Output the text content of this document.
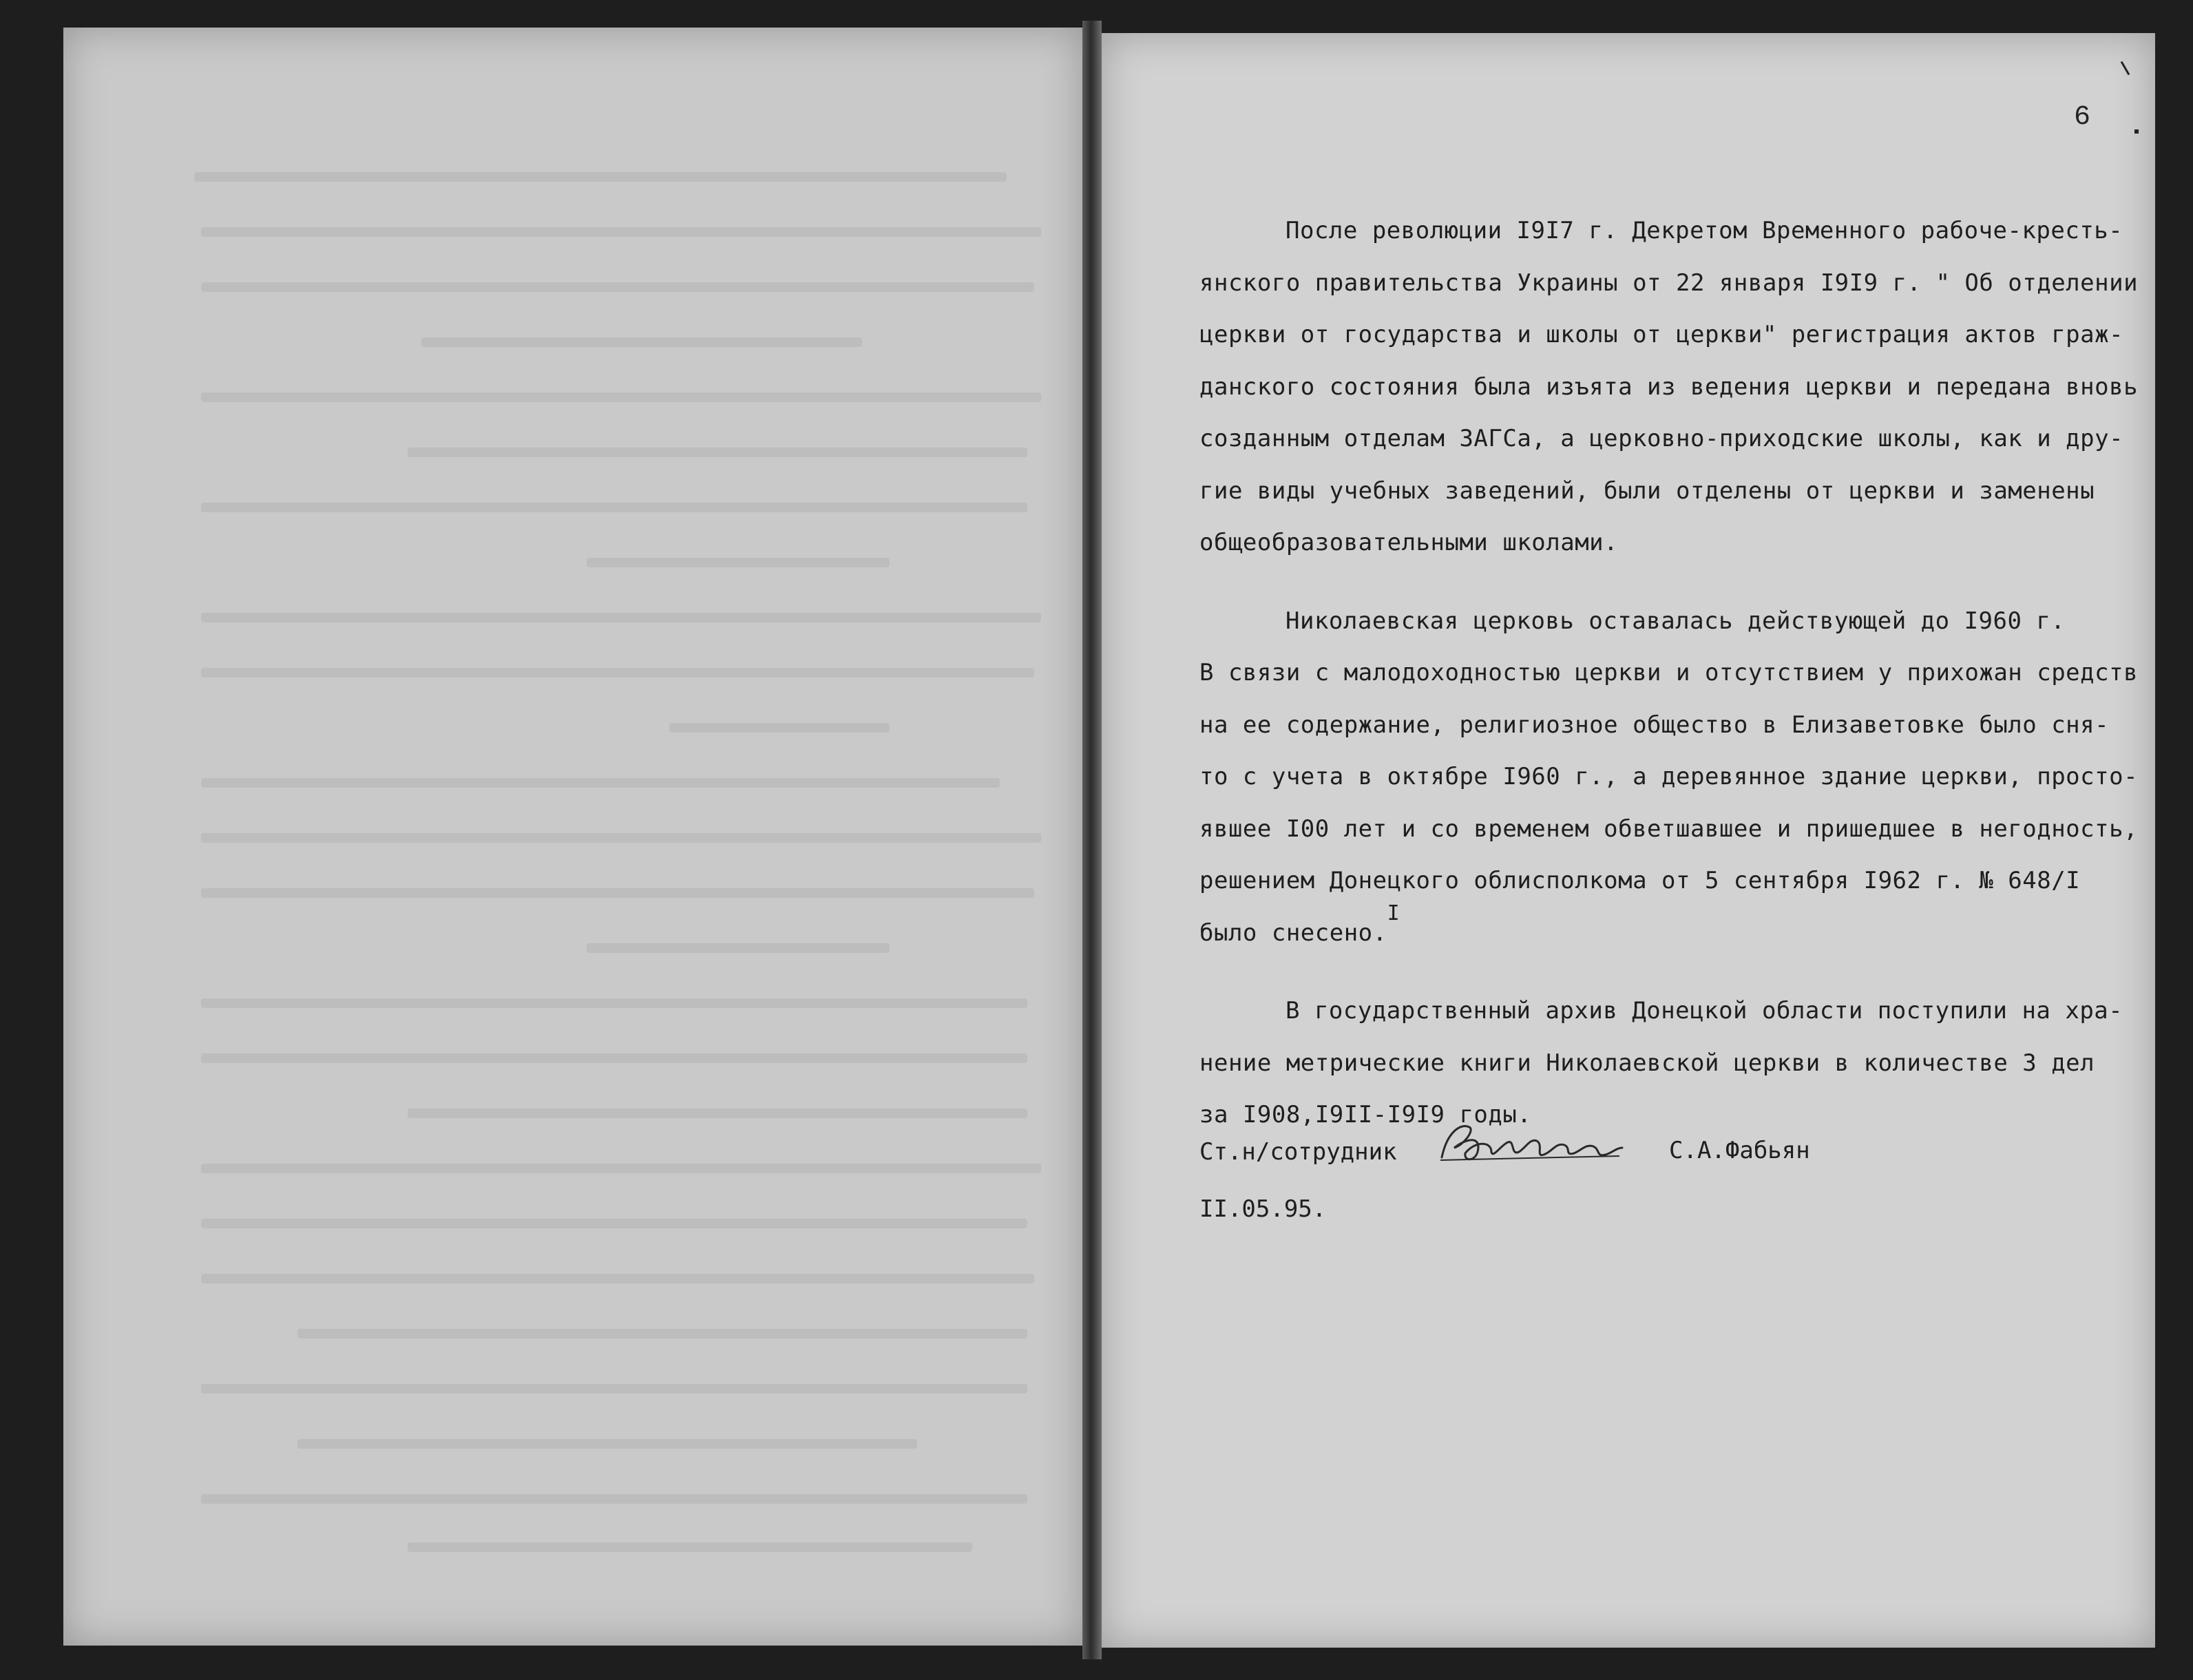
6
После революции I9I7 г. Декретом Временного рабоче-кресть-
янского правительства Украины от 22 января I9I9 г. " Об отделении
церкви от государства и школы от церкви" регистрация актов граж-
данского состояния была изъята из ведения церкви и передана вновь
созданным отделам ЗАГСа, а церковно-приходские школы, как и дру-
гие виды учебных заведений, были отделены от церкви и заменены
общеобразовательными школами.
Николаевская церковь оставалась действующей до I960 г.
В связи с малодоходностью церкви и отсутствием у прихожан средств
на ее содержание, религиозное общество в Елизаветовке было сня-
то с учета в октябре I960 г., а деревянное здание церкви, просто-
явшее I00 лет и со временем обветшавшее и пришедшее в негодность,
решением Донецкого облисполкома от 5 сентября I962 г. № 648/I
было снесено.I
В государственный архив Донецкой области поступили на хра-
нение метрические книги Николаевской церкви в количестве 3 дел
за I908,I9II-I9I9 годы.
Ст.н/сотрудник	С.А.Фабьян
II.05.95.
